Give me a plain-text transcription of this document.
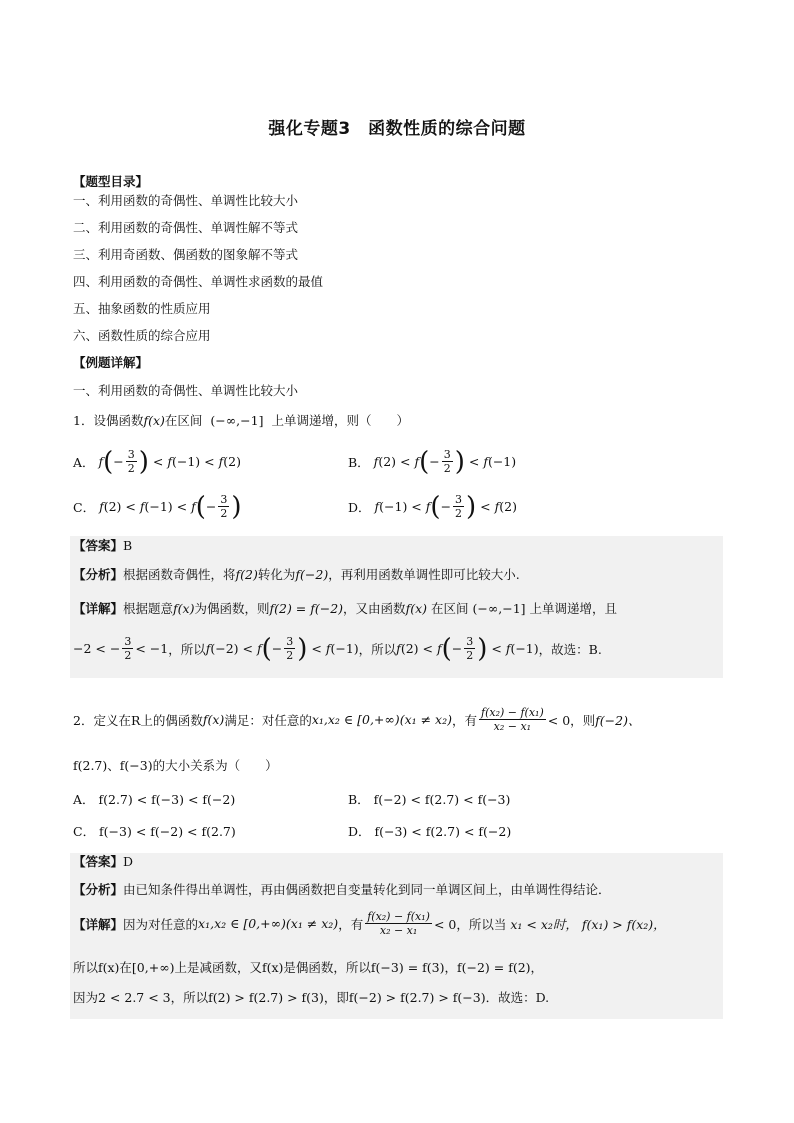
强化专题3　函数性质的综合问题
【题型目录】
一、利用函数的奇偶性、单调性比较大小
二、利用函数的奇偶性、单调性解不等式
三、利用奇函数、偶函数的图象解不等式
四、利用函数的奇偶性、单调性求函数的最值
五、抽象函数的性质应用
六、函数性质的综合应用
【例题详解】
一、利用函数的奇偶性、单调性比较大小
1．设偶函数 f(x) 在区间 (−∞,−1] 上单调递增，则（　　）
A． f ( − $\frac{3}{2}$ ) < f(−1) < f(2)	B． f(2) < f ( − $\frac{3}{2}$ ) < f(−1)
C． f(2) < f(−1) < f ( − $\frac{3}{2}$ )	D． f(−1) < f ( − $\frac{3}{2}$ ) < f(2)
【答案】B
【分析】根据函数奇偶性，将f(2)转化为f(−2)，再利用函数单调性即可比较大小.
【详解】根据题意f(x)为偶函数，则f(2) = f(−2)，又由函数f(x) 在区间 (−∞,−1] 上单调递增，且
−2 < − $\frac{3}{2} < -1$ ，所以 f(−2) < f ( − $\frac{3}{2}$ ) < f(−1) ，所以 f(2) < f ( − $\frac{3}{2}$ ) < f(−1) ，故选：B.
2．定义在R上的偶函数 f(x) 满足：对任意的 x₁,x₂ ∈ [0,+∞)(x₁ ≠ x₂) ，有 $\frac{\text{f(x₂) − f(x₁)}}{\text{x₂ − x₁}} < 0$，则 f(−2)、
f(2.7)、f(−3)的大小关系为（　　）
A． f(2.7) < f(−3) < f(−2)	B． f(−2) < f(2.7) < f(−3)
C． f(−3) < f(−2) < f(2.7)	D． f(−3) < f(2.7) < f(−2)
【答案】D
【分析】由已知条件得出单调性，再由偶函数把自变量转化到同一单调区间上，由单调性得结论．
【详解】 因为对任意的 x₁,x₂ ∈ [0,+∞)(x₁ ≠ x₂) ，有 $\frac{\text{f(x₂) − f(x₁)}}{\text{x₂ − x₁}} < 0$，所以当
x₁ < x₂时，
f(x₁) > f(x₂)，
所以f(x)在[0,+∞)上是减函数，又f(x)是偶函数，所以f(−3) = f(3)，f(−2) = f(2)，
因为2 < 2.7 < 3，所以f(2) > f(2.7) > f(3)，即f(−2) > f(2.7) > f(−3)．故选：D.
